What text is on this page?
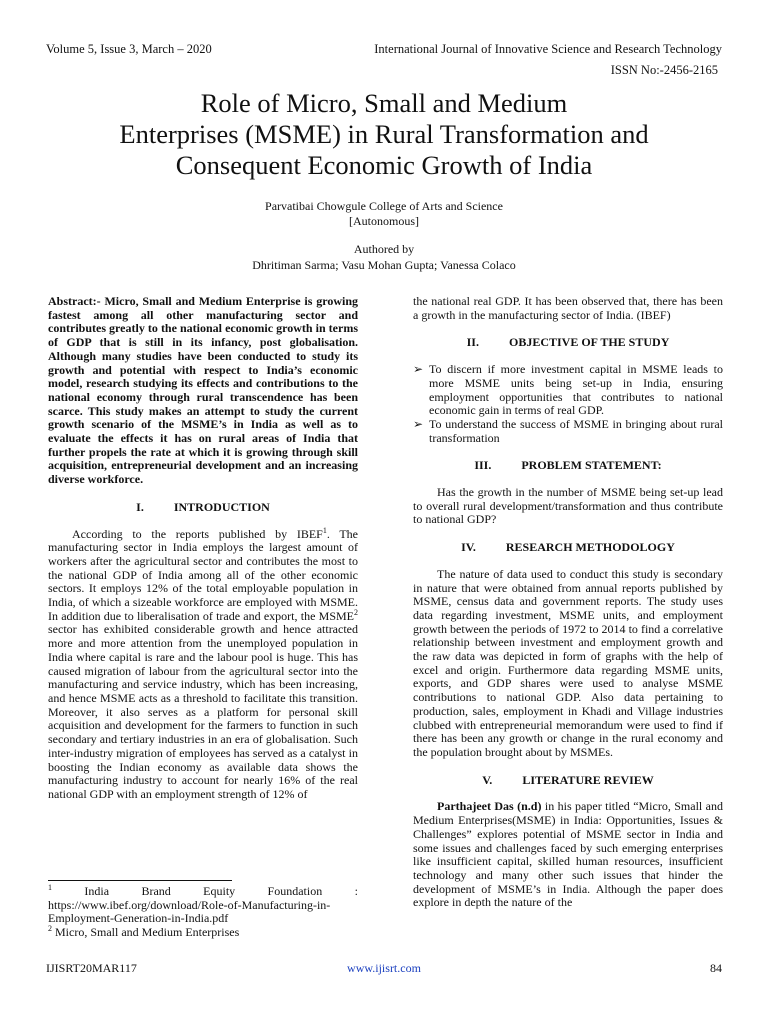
Volume 5, Issue 3, March – 2020	International Journal of Innovative Science and Research Technology
ISSN No:-2456-2165
Role of Micro, Small and Medium
Enterprises (MSME) in Rural Transformation and
Consequent Economic Growth of India
Parvatibai Chowgule College of Arts and Science
[Autonomous]
Authored by
Dhritiman Sarma; Vasu Mohan Gupta; Vanessa Colaco

Abstract:- Micro, Small and Medium Enterprise is growing fastest among all other manufacturing sector and contributes greatly to the national economic growth in terms of GDP that is still in its infancy, post globalisation. Although many studies have been conducted to study its growth and potential with respect to India’s economic model, research studying its effects and contributions to the national economy through rural transcendence has been scarce. This study makes an attempt to study the current growth scenario of the MSME’s in India as well as to evaluate the effects it has on rural areas of India that further propels the rate at which it is growing through skill acquisition, entrepreneurial development and an increasing diverse workforce.

I.	INTRODUCTION

According to the reports published by IBEF$^1$. The manufacturing sector in India employs the largest amount of workers after the agricultural sector and contributes the most to the national GDP of India among all of the other economic sectors. It employs 12% of the total employable population in India, of which a sizeable workforce are employed with MSME. In addition due to liberalisation of trade and export, the MSME$^2$ sector has exhibited considerable growth and hence attracted more and more attention from the unemployed population in India where capital is rare and the labour pool is huge. This has caused migration of labour from the agricultural sector into the manufacturing and service industry, which has been increasing, and hence MSME acts as a threshold to facilitate this transition. Moreover, it also serves as a platform for personal skill acquisition and development for the farmers to function in such secondary and tertiary industries in an era of globalisation. Such inter-industry migration of employees has served as a catalyst in boosting the Indian economy as available data shows the manufacturing industry to account for nearly 16% of the real national GDP with an employment strength of 12% of

the national real GDP. It has been observed that, there has been a growth in the manufacturing sector of India. (IBEF)

II.	OBJECTIVE OF THE STUDY
➢ To discern if more investment capital in MSME leads to more MSME units being set-up in India, ensuring employment opportunities that contributes to national economic gain in terms of real GDP.
➢ To understand the success of MSME in bringing about rural transformation
III.	PROBLEM STATEMENT:

Has the growth in the number of MSME being set-up lead to overall rural development/transformation and thus contribute to national GDP?

IV.	RESEARCH METHODOLOGY

The nature of data used to conduct this study is secondary in nature that were obtained from annual reports published by MSME, census data and government reports. The study uses data regarding investment, MSME units, and employment growth between the periods of 1972 to 2014 to find a correlative relationship between investment and employment growth and the raw data was depicted in form of graphs with the help of excel and origin. Furthermore data regarding MSME units, exports, and GDP shares were used to analyse MSME contributions to national GDP. Also data pertaining to production, sales, employment in Khadi and Village industries clubbed with entrepreneurial memorandum were used to find if there has been any growth or change in the rural economy and the population brought about by MSMEs.

V.	LITERATURE REVIEW

Parthajeet Das (n.d) in his paper titled “Micro, Small and Medium Enterprises(MSME) in India: Opportunities, Issues & Challenges” explores potential of MSME sector in India and some issues and challenges faced by such emerging enterprises like insufficient capital, skilled human resources, insufficient technology and many other such issues that hinder the development of MSME’s in India. Although the paper does explore in depth the nature of the

$^1$	India	Brand	Equity	Foundation	:

https://www.ibef.org/download/Role-of-Manufacturing-in-Employment-Generation-in-India.pdf

$^2$ Micro, Small and Medium Enterprises

IJISRT20MAR117	www.ijisrt.com	84
